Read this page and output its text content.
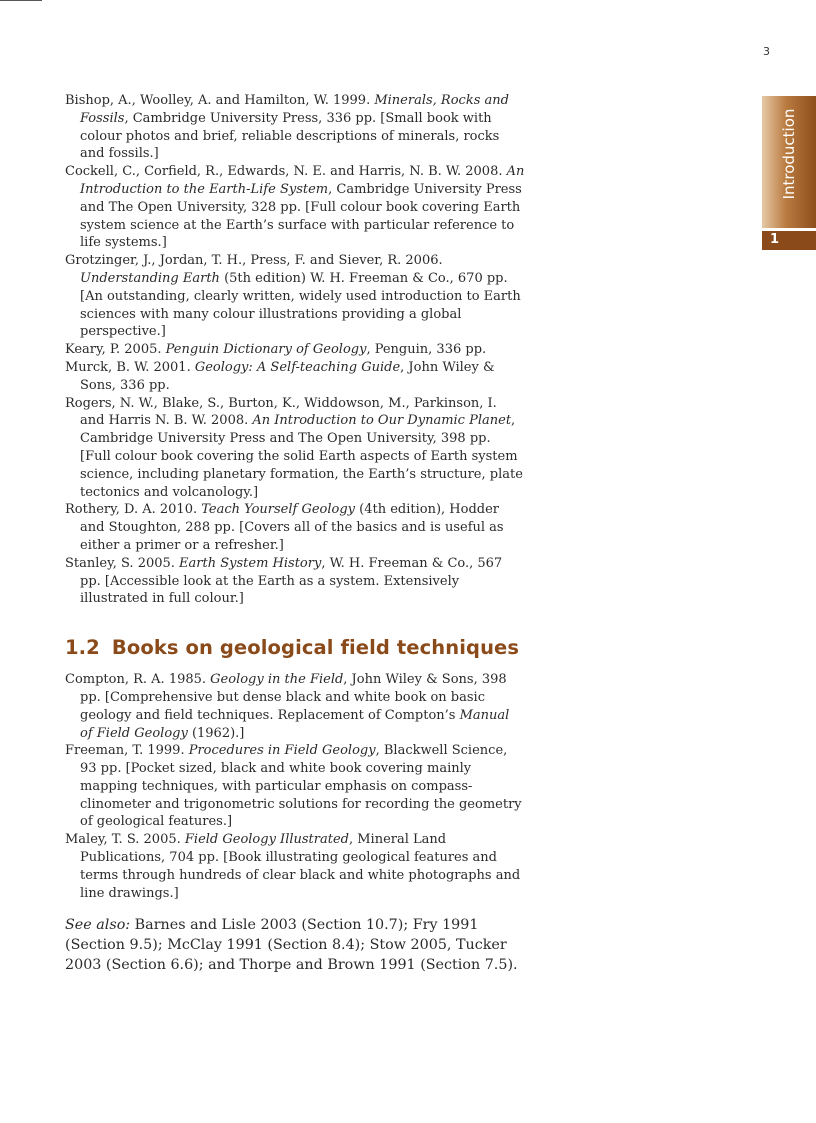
3
Introduction
1

Bishop, A., Woolley, A. and Hamilton, W. 1999. Minerals, Rocks and Fossils, Cambridge University Press, 336 pp. [Small book with colour photos and brief, reliable descriptions of minerals, rocks and fossils.]

Cockell, C., Corfield, R., Edwards, N. E. and Harris, N. B. W. 2008. An Introduction to the Earth-Life System, Cambridge University Press and The Open University, 328 pp. [Full colour book covering Earth system science at the Earth’s surface with particular reference to life systems.]

Grotzinger, J., Jordan, T. H., Press, F. and Siever, R. 2006. Understanding Earth (5th edition) W. H. Freeman & Co., 670 pp. [An outstanding, clearly written, widely used introduction to Earth sciences with many colour illustrations providing a global perspective.]

Keary, P. 2005. Penguin Dictionary of Geology, Penguin, 336 pp.

Murck, B. W. 2001. Geology: A Self-teaching Guide, John Wiley & Sons, 336 pp.

Rogers, N. W., Blake, S., Burton, K., Widdowson, M., Parkinson, I. and Harris N. B. W. 2008. An Introduction to Our Dynamic Planet, Cambridge University Press and The Open University, 398 pp. [Full colour book covering the solid Earth aspects of Earth system science, including planetary formation, the Earth’s structure, plate tectonics and volcanology.]

Rothery, D. A. 2010. Teach Yourself Geology (4th edition), Hodder and Stoughton, 288 pp. [Covers all of the basics and is useful as either a primer or a refresher.]

Stanley, S. 2005. Earth System History, W. H. Freeman & Co., 567 pp. [Accessible look at the Earth as a system. Extensively illustrated in full colour.]

1.2 Books on geological field techniques

Compton, R. A. 1985. Geology in the Field, John Wiley & Sons, 398 pp. [Comprehensive but dense black and white book on basic geology and field techniques. Replacement of Compton’s Manual of Field Geology (1962).]

Freeman, T. 1999. Procedures in Field Geology, Blackwell Science, 93 pp. [Pocket sized, black and white book covering mainly mapping techniques, with particular emphasis on compass-clinometer and trigonometric solutions for recording the geometry of geological features.]

Maley, T. S. 2005. Field Geology Illustrated, Mineral Land Publications, 704 pp. [Book illustrating geological features and terms through hundreds of clear black and white photographs and line drawings.]

See also: Barnes and Lisle 2003 (Section 10.7); Fry 1991 (Section 9.5); McClay 1991 (Section 8.4); Stow 2005, Tucker 2003 (Section 6.6); and Thorpe and Brown 1991 (Section 7.5).
